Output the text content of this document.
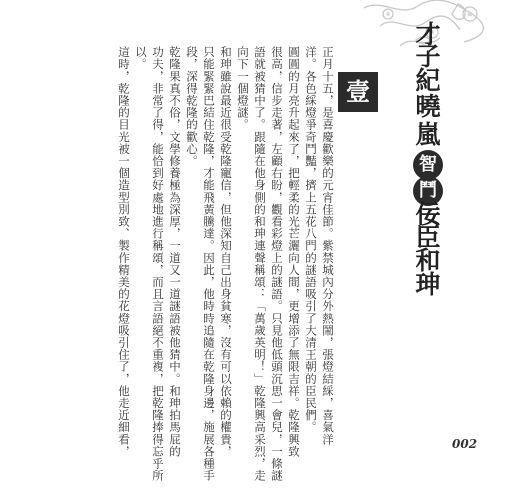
才
子
紀
曉
嵐
智
鬥
佞
臣
和
珅
壹
正月十五，是喜慶歡樂的元宵佳節。紫禁城內分外熱鬧，張燈結綵，喜氣洋
洋。各色綵燈爭奇鬥豔，擠上五花八門的謎語吸引了大清王朝的臣民們。
圓圓的月亮升起來了，把輕柔的光芒灑向人間，更增添了無限吉祥。乾隆興致
很高，信步走著，左顧右盼，觀看彩燈上的謎語。只見他低頭沉思一會兒，一條謎
語就被猜中了。跟隨在他身側的和珅連聲稱頌：「萬歲英明！」乾隆興高采烈，走
向下一個燈謎。
和珅雖說最近很受乾隆寵信，但他深知自己出身貧寒，沒有可以依賴的權貴，
只能緊緊巴結住乾隆，才能飛黃騰達。因此，他時時追隨在乾隆身邊，施展各種手
段，深得乾隆的歡心。
乾隆果真不俗，文學修養極為深厚，一道又一道謎語被他猜中。和珅拍馬屁的
功夫，非常了得，能恰到好處地進行稱頌，而且言語絕不重複，把乾隆捧得忘乎所
以。
這時，乾隆的目光被一個造型別致、製作精美的花燈吸引住了，他走近細看，	002
